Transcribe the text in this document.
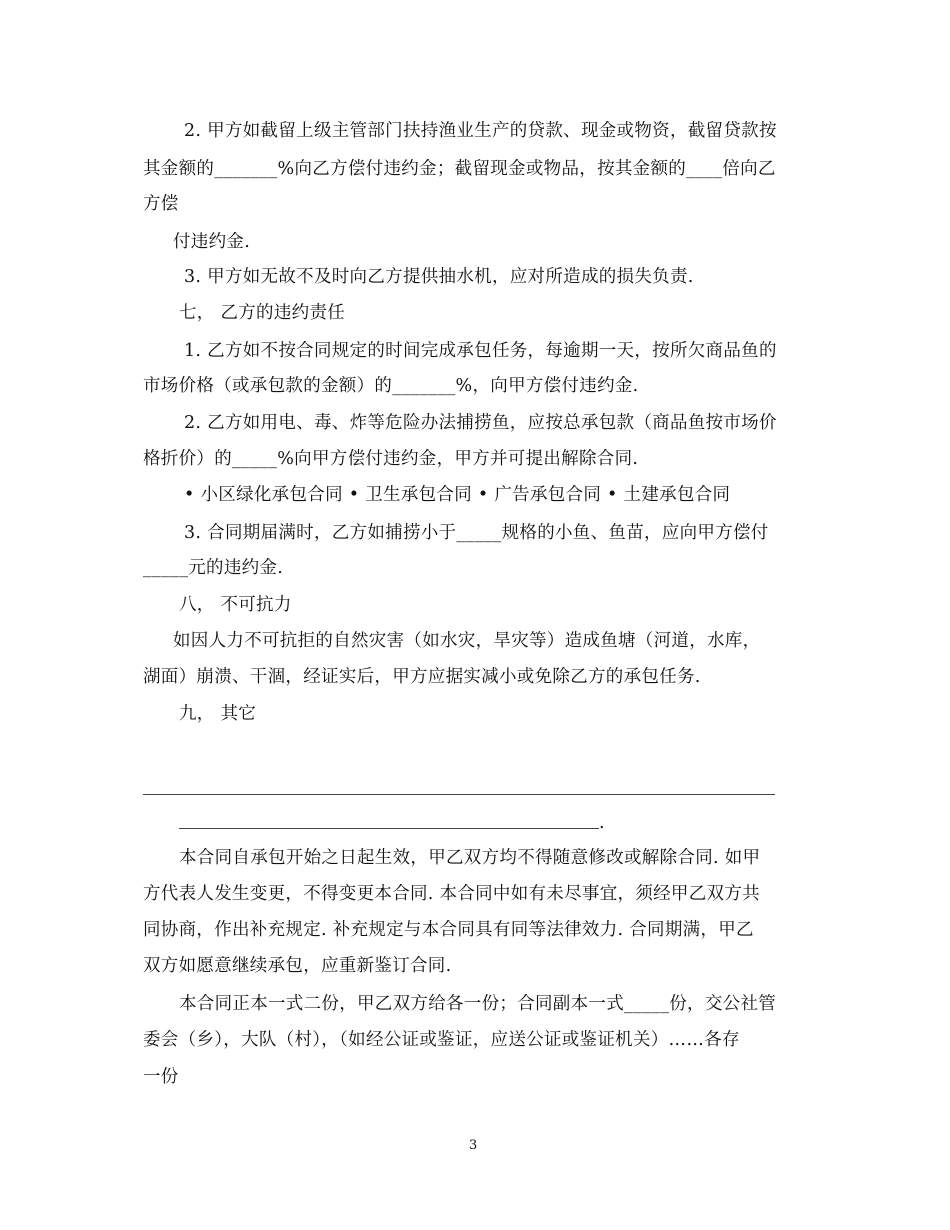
2. 甲方如截留上级主管部门扶持渔业生产的贷款、现金或物资，截留贷款按
其金额的_______%向乙方偿付违约金；截留现金或物品，按其金额的____倍向乙
方偿
付违约金.
3. 甲方如无故不及时向乙方提供抽水机，应对所造成的损失负责.
七， 乙方的违约责任
1. 乙方如不按合同规定的时间完成承包任务，每逾期一天，按所欠商品鱼的
市场价格（或承包款的金额）的_______%，向甲方偿付违约金.
2. 乙方如用电、毒、炸等危险办法捕捞鱼，应按总承包款（商品鱼按市场价
格折价）的_____%向甲方偿付违约金，甲方并可提出解除合同.
• 小区绿化承包合同 • 卫生承包合同 • 广告承包合同 • 土建承包合同
3. 合同期届满时，乙方如捕捞小于_____规格的小鱼、鱼苗，应向甲方偿付
_____元的违约金.
八， 不可抗力
如因人力不可抗拒的自然灾害（如水灾，旱灾等）造成鱼塘（河道，水库，
湖面）崩溃、干涸，经证实后，甲方应据实减小或免除乙方的承包任务.
九， 其它
.
本合同自承包开始之日起生效，甲乙双方均不得随意修改或解除合同. 如甲
方代表人发生变更，不得变更本合同. 本合同中如有未尽事宜，须经甲乙双方共
同协商，作出补充规定. 补充规定与本合同具有同等法律效力. 合同期满，甲乙
双方如愿意继续承包，应重新鉴订合同.
本合同正本一式二份，甲乙双方给各一份；合同副本一式_____份，交公社管
委会（乡），大队（村），（如经公证或鉴证，应送公证或鉴证机关）……各存
一份
3
